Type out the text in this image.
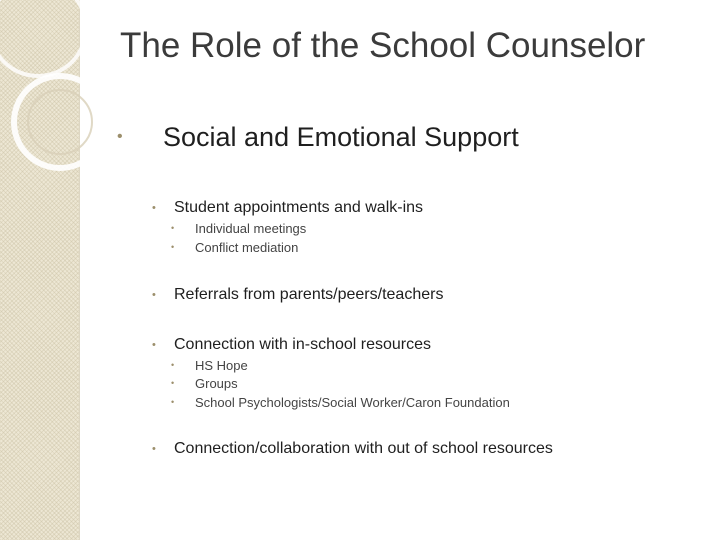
The Role of the School Counselor
•	Social and Emotional Support
•	Student appointments and walk-ins
•	Individual meetings
•	Conflict mediation
•	Referrals from parents/peers/teachers
•	Connection with in-school resources
•	HS Hope
•	Groups
•	School Psychologists/Social Worker/Caron Foundation
•	Connection/collaboration with out of school resources
